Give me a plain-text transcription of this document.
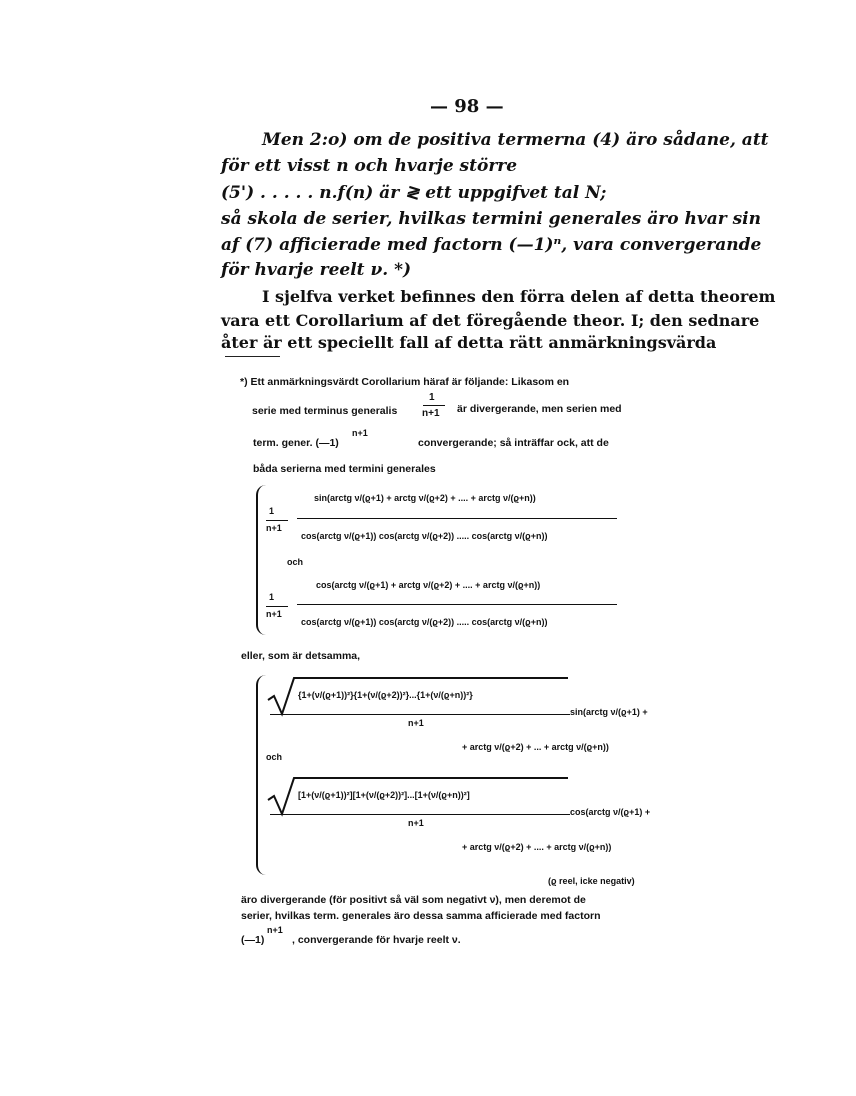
— 98 —
Men 2:o) om de positiva termerna (4) äro sådane, att
för ett visst n och hvarje större
(5') . . . . . n.f(n) är ≷ ett uppgifvet tal N;
så skola de serier, hvilkas termini generales äro hvar sin
af (7) afficierade med factorn (—1)ⁿ, vara convergerande
för hvarje reelt ν. *)
I sjelfva verket befinnes den förra delen af detta theorem
vara ett Corollarium af det föregående theor. I; den sednare
åter är ett speciellt fall af detta rätt anmärkningsvärda
*) Ett anmärkningsvärdt Corollarium häraf är följande: Likasom en
serie med terminus generalis
1
n+1 är divergerande, men serien med
term. gener. (—1)
n+1
convergerande; så inträffar ock, att de
båda serierna med termini generales
1
n+1
sin(arctg ν/(ϱ+1) + arctg ν/(ϱ+2) + .... + arctg ν/(ϱ+n))
cos(arctg ν/(ϱ+1)) cos(arctg ν/(ϱ+2)) ..... cos(arctg ν/(ϱ+n))
och
1
n+1
cos(arctg ν/(ϱ+1) + arctg ν/(ϱ+2) + .... + arctg ν/(ϱ+n))
cos(arctg ν/(ϱ+1)) cos(arctg ν/(ϱ+2)) ..... cos(arctg ν/(ϱ+n))
eller, som är detsamma,
{1+(ν/(ϱ+1))²}{1+(ν/(ϱ+2))²}...{1+(ν/(ϱ+n))²}
n+1
sin(arctg ν/(ϱ+1) +
+ arctg ν/(ϱ+2) + ... + arctg ν/(ϱ+n))
och
[1+(ν/(ϱ+1))²][1+(ν/(ϱ+2))²]...[1+(ν/(ϱ+n))²]
n+1
cos(arctg ν/(ϱ+1) +
+ arctg ν/(ϱ+2) + .... + arctg ν/(ϱ+n))
(ϱ reel, icke negativ)
äro divergerande (för positivt så väl som negativt ν), men deremot de
serier, hvilkas term. generales äro dessa samma afficierade med factorn
(—1)
n+1
, convergerande för hvarje reelt ν.
